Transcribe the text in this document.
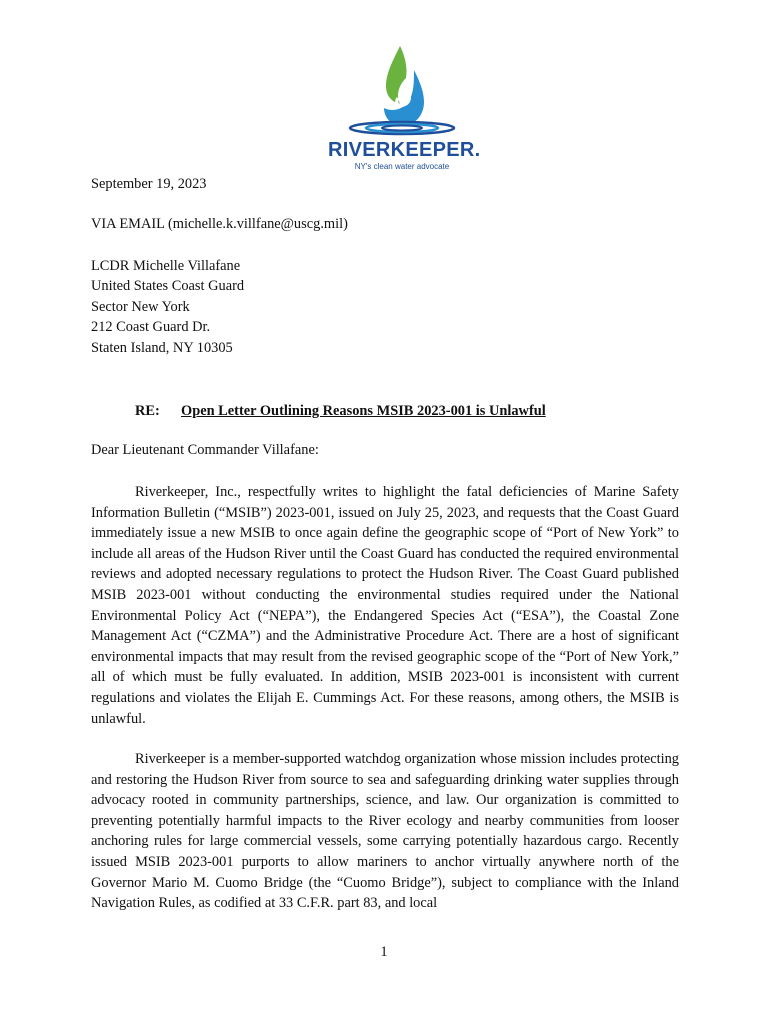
RIVERKEEPER.
NY's clean water advocate
September 19, 2023
VIA EMAIL (michelle.k.villfane@uscg.mil)
LCDR Michelle Villafane
United States Coast Guard
Sector New York
212 Coast Guard Dr.
Staten Island, NY 10305
RE: Open Letter Outlining Reasons MSIB 2023-001 is Unlawful
Dear Lieutenant Commander Villafane:

Riverkeeper, Inc., respectfully writes to highlight the fatal deficiencies of Marine Safety Information Bulletin (“MSIB”) 2023-001, issued on July 25, 2023, and requests that the Coast Guard immediately issue a new MSIB to once again define the geographic scope of “Port of New York” to include all areas of the Hudson River until the Coast Guard has conducted the required environmental reviews and adopted necessary regulations to protect the Hudson River. The Coast Guard published MSIB 2023-001 without conducting the environmental studies required under the National Environmental Policy Act (“NEPA”), the Endangered Species Act (“ESA”), the Coastal Zone Management Act (“CZMA”) and the Administrative Procedure Act. There are a host of significant environmental impacts that may result from the revised geographic scope of the “Port of New York,” all of which must be fully evaluated. In addition, MSIB 2023-001 is inconsistent with current regulations and violates the Elijah E. Cummings Act. For these reasons, among others, the MSIB is unlawful.

Riverkeeper is a member-supported watchdog organization whose mission includes protecting and restoring the Hudson River from source to sea and safeguarding drinking water supplies through advocacy rooted in community partnerships, science, and law. Our organization is committed to preventing potentially harmful impacts to the River ecology and nearby communities from looser anchoring rules for large commercial vessels, some carrying potentially hazardous cargo. Recently issued MSIB 2023-001 purports to allow mariners to anchor virtually anywhere north of the Governor Mario M. Cuomo Bridge (the “Cuomo Bridge”), subject to compliance with the Inland Navigation Rules, as codified at 33 C.F.R. part 83, and local

1
